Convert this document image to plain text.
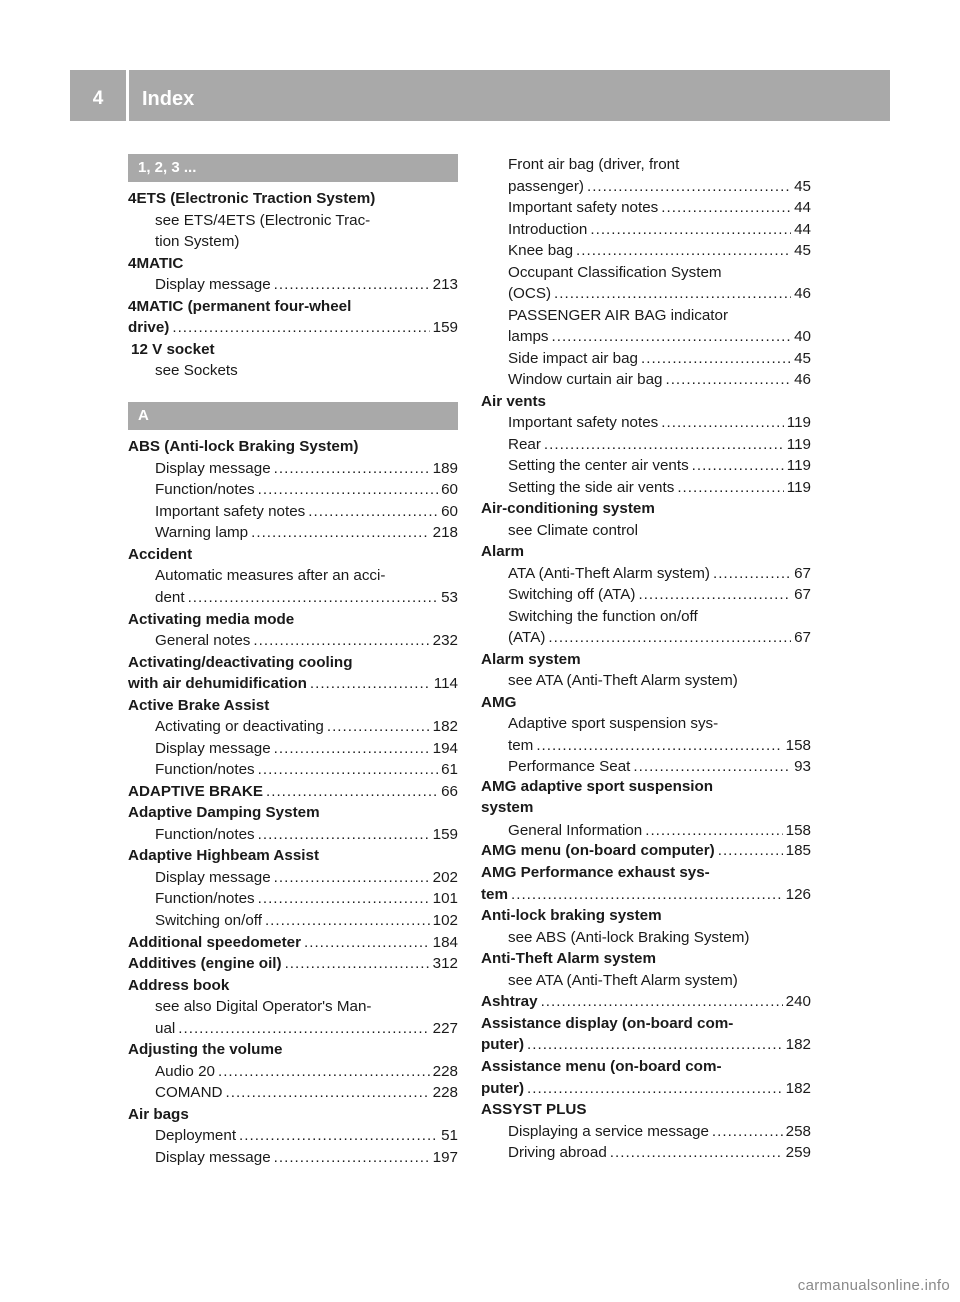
4	Index
1, 2, 3 ...
4ETS (Electronic Traction System)
see ETS/4ETS (Electronic Trac-
tion System)
4MATIC
Display message .....	213
4MATIC (permanent four-wheel
drive) .....	159
12 V socket
see Sockets
A
ABS (Anti-lock Braking System)
Display message .....	189
Function/notes .....	60
Important safety notes .....	60
Warning lamp .....	218
Accident
Automatic measures after an acci-
dent .....	53
Activating media mode
General notes .....	232
Activating/deactivating cooling
with air dehumidification .....	114
Active Brake Assist
Activating or deactivating .....	182
Display message .....	194
Function/notes .....	61
ADAPTIVE BRAKE .....	66
Adaptive Damping System
Function/notes .....	159
Adaptive Highbeam Assist
Display message .....	202
Function/notes .....	101
Switching on/off .....	102
Additional speedometer .....	184
Additives (engine oil) .....	312
Address book
see also Digital Operator's Man-
ual .....	227
Adjusting the volume
Audio 20 .....	228
COMAND .....	228
Air bags
Deployment .....	51
Display message .....	197
Front air bag (driver, front
passenger) .....	45
Important safety notes .....	44
Introduction .....	44
Knee bag .....	45
Occupant Classification System
(OCS) .....	46
PASSENGER AIR BAG indicator
lamps .....	40
Side impact air bag .....	45
Window curtain air bag .....	46
Air vents
Important safety notes .....	119
Rear .....	119
Setting the center air vents .....	119
Setting the side air vents .....	119
Air-conditioning system
see Climate control
Alarm
ATA (Anti-Theft Alarm system) .....	67
Switching off (ATA) .....	67
Switching the function on/off
(ATA) .....	67
Alarm system
see ATA (Anti-Theft Alarm system)
AMG
Adaptive sport suspension sys-
tem .....	158
Performance Seat .....	93
AMG adaptive sport suspension
system
General Information .....	158
AMG menu (on-board computer) .....	185
AMG Performance exhaust sys-
tem .....	126
Anti-lock braking system
see ABS (Anti-lock Braking System)
Anti-Theft Alarm system
see ATA (Anti-Theft Alarm system)
Ashtray .....	240
Assistance display (on-board com-
puter) .....	182
Assistance menu (on-board com-
puter) .....	182
ASSYST PLUS
Displaying a service message .....	258
Driving abroad .....	259
carmanualsonline.info
